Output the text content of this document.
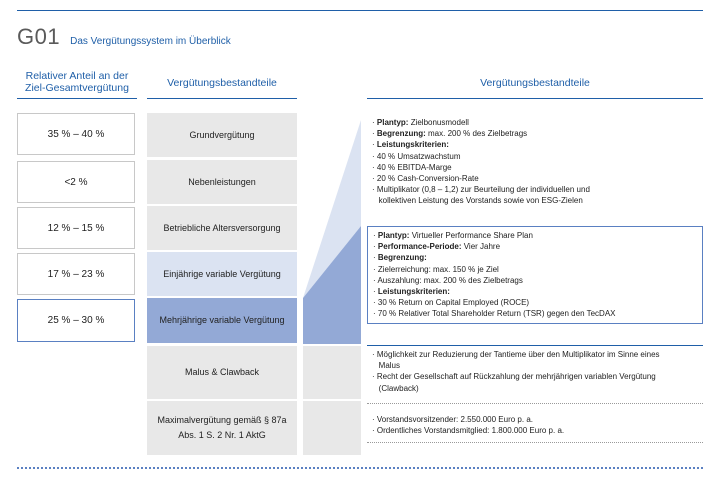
G01 Das Vergütungssystem im Überblick
Relativer Anteil an der Ziel-Gesamtvergütung	Vergütungsbestandteile	Vergütungsbestandteile
35 % – 40 %
<2 %
12 % – 15 %
17 % – 23 %
25 % – 30 %
Grundvergütung
Nebenleistungen
Betriebliche Altersversorgung
Einjährige variable Vergütung
Mehrjährige variable Vergütung
Malus & Clawback
Maximalvergütung gemäß § 87a Abs. 1 S. 2 Nr. 1 AktG
· Plantyp: Zielbonusmodell
· Begrenzung: max. 200 % des Zielbetrags
· Leistungskriterien:
· 40 % Umsatzwachstum
· 40 % EBITDA-Marge
· 20 % Cash-Conversion-Rate
· Multiplikator (0,8 – 1,2) zur Beurteilung der individuellen und
kollektiven Leistung des Vorstands sowie von ESG-Zielen
· Plantyp: Virtueller Performance Share Plan
· Performance-Periode: Vier Jahre
· Begrenzung:
· Zielerreichung: max. 150 % je Ziel
· Auszahlung: max. 200 % des Zielbetrags
· Leistungskriterien:
· 30 % Return on Capital Employed (ROCE)
· 70 % Relativer Total Shareholder Return (TSR) gegen den TecDAX
· Möglichkeit zur Reduzierung der Tantieme über den Multiplikator im Sinne eines
Malus
· Recht der Gesellschaft auf Rückzahlung der mehrjährigen variablen Vergütung
(Clawback)
· Vorstandsvorsitzender: 2.550.000 Euro p. a.
· Ordentliches Vorstandsmitglied: 1.800.000 Euro p. a.
